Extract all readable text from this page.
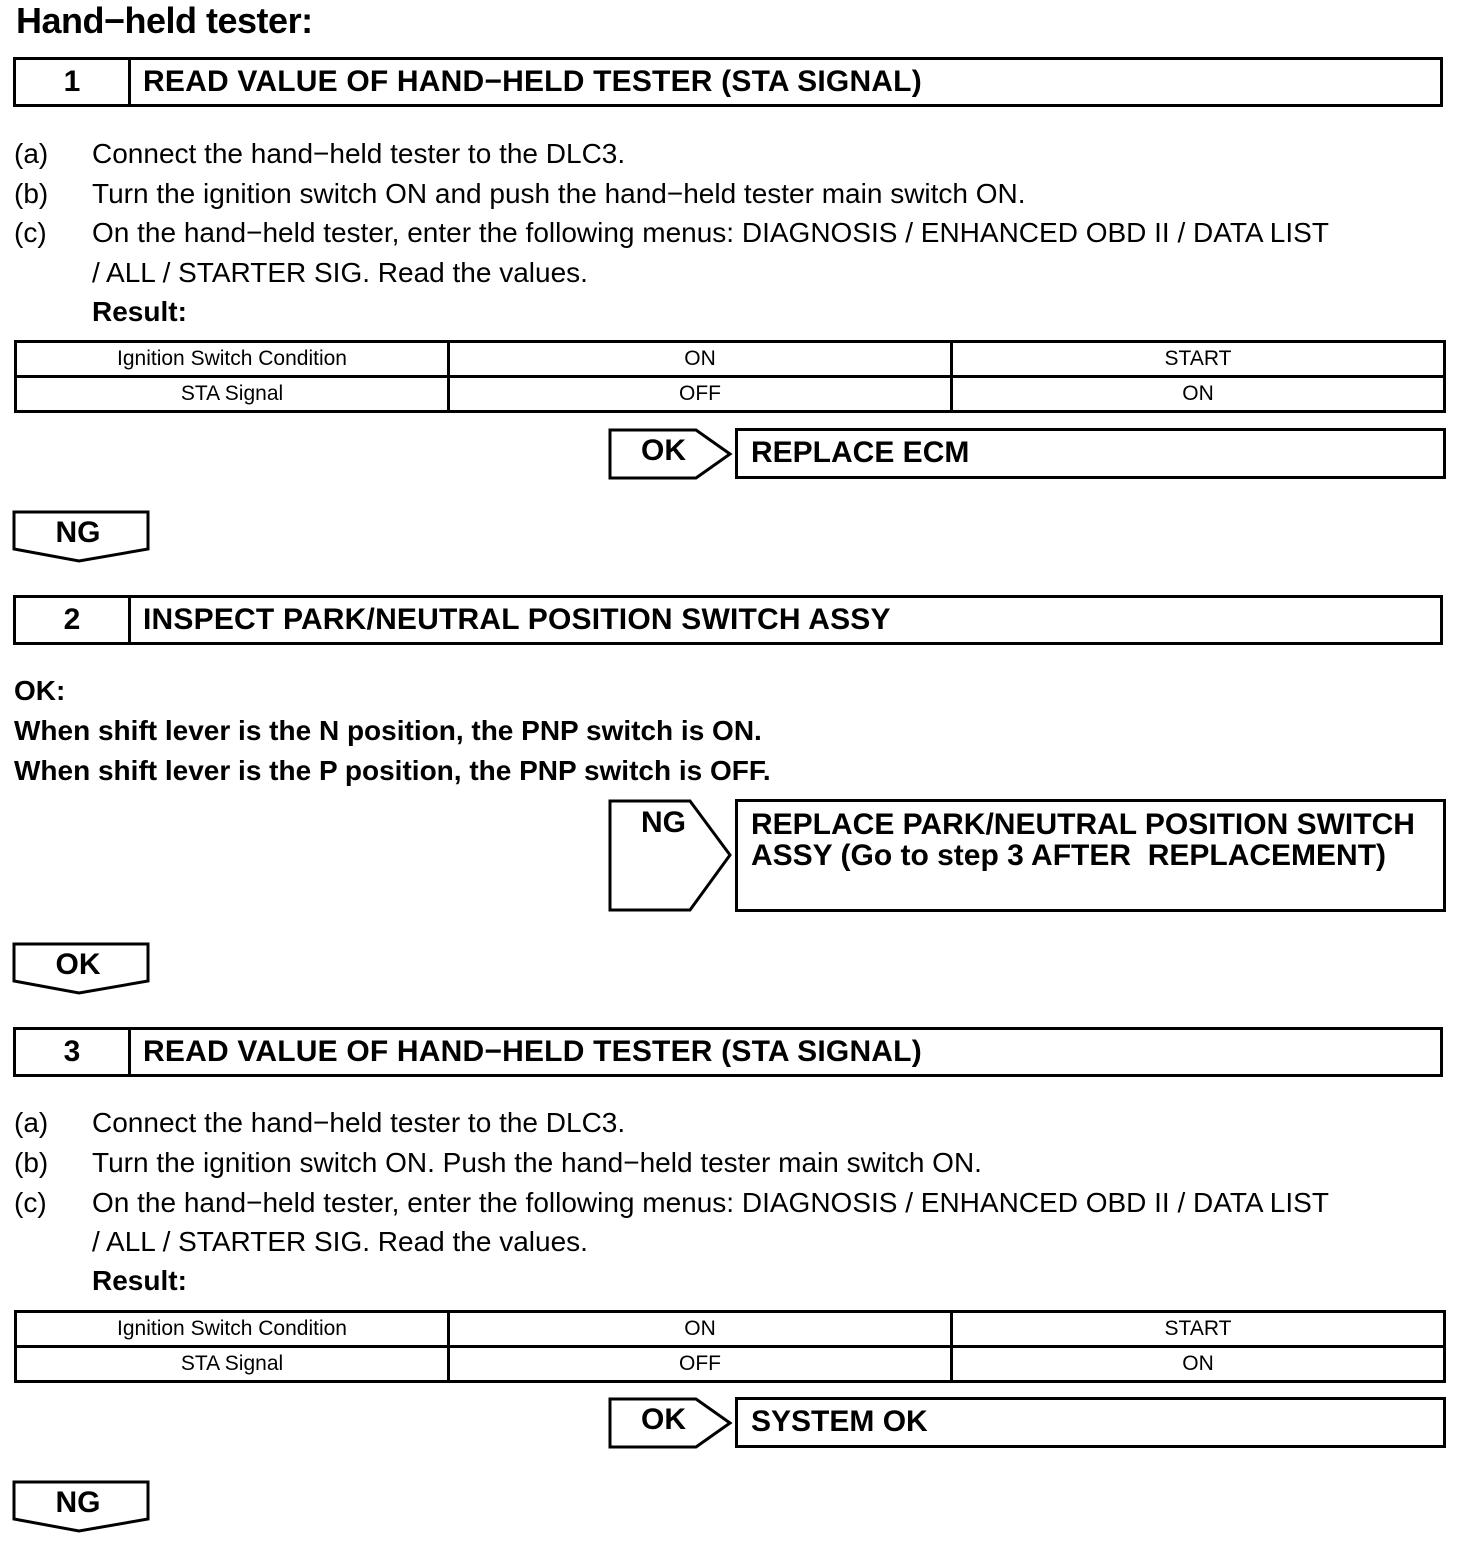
Hand−held tester:
1	READ VALUE OF HAND−HELD TESTER (STA SIGNAL)
(a) Connect the hand−held tester to the DLC3.
(b) Turn the ignition switch ON and push the hand−held tester main switch ON.
(c) On the hand−held tester, enter the following menus: DIAGNOSIS / ENHANCED OBD II / DATA LIST
/ ALL / STARTER SIG. Read the values.
Result:
Ignition Switch Condition	ON	START
STA Signal	OFF	ON
OK	REPLACE ECM
NG
2	INSPECT PARK/NEUTRAL POSITION SWITCH ASSY
OK:
When shift lever is the N position, the PNP switch is ON.
When shift lever is the P position, the PNP switch is OFF.
NG REPLACE PARK/NEUTRAL POSITION SWITCH
ASSY (Go to step 3 AFTER  REPLACEMENT)
OK
3	READ VALUE OF HAND−HELD TESTER (STA SIGNAL)
(a) Connect the hand−held tester to the DLC3.
(b) Turn the ignition switch ON. Push the hand−held tester main switch ON.
(c) On the hand−held tester, enter the following menus: DIAGNOSIS / ENHANCED OBD II / DATA LIST
/ ALL / STARTER SIG. Read the values.
Result:
Ignition Switch Condition	ON	START
STA Signal	OFF	ON
OK	SYSTEM OK
NG
